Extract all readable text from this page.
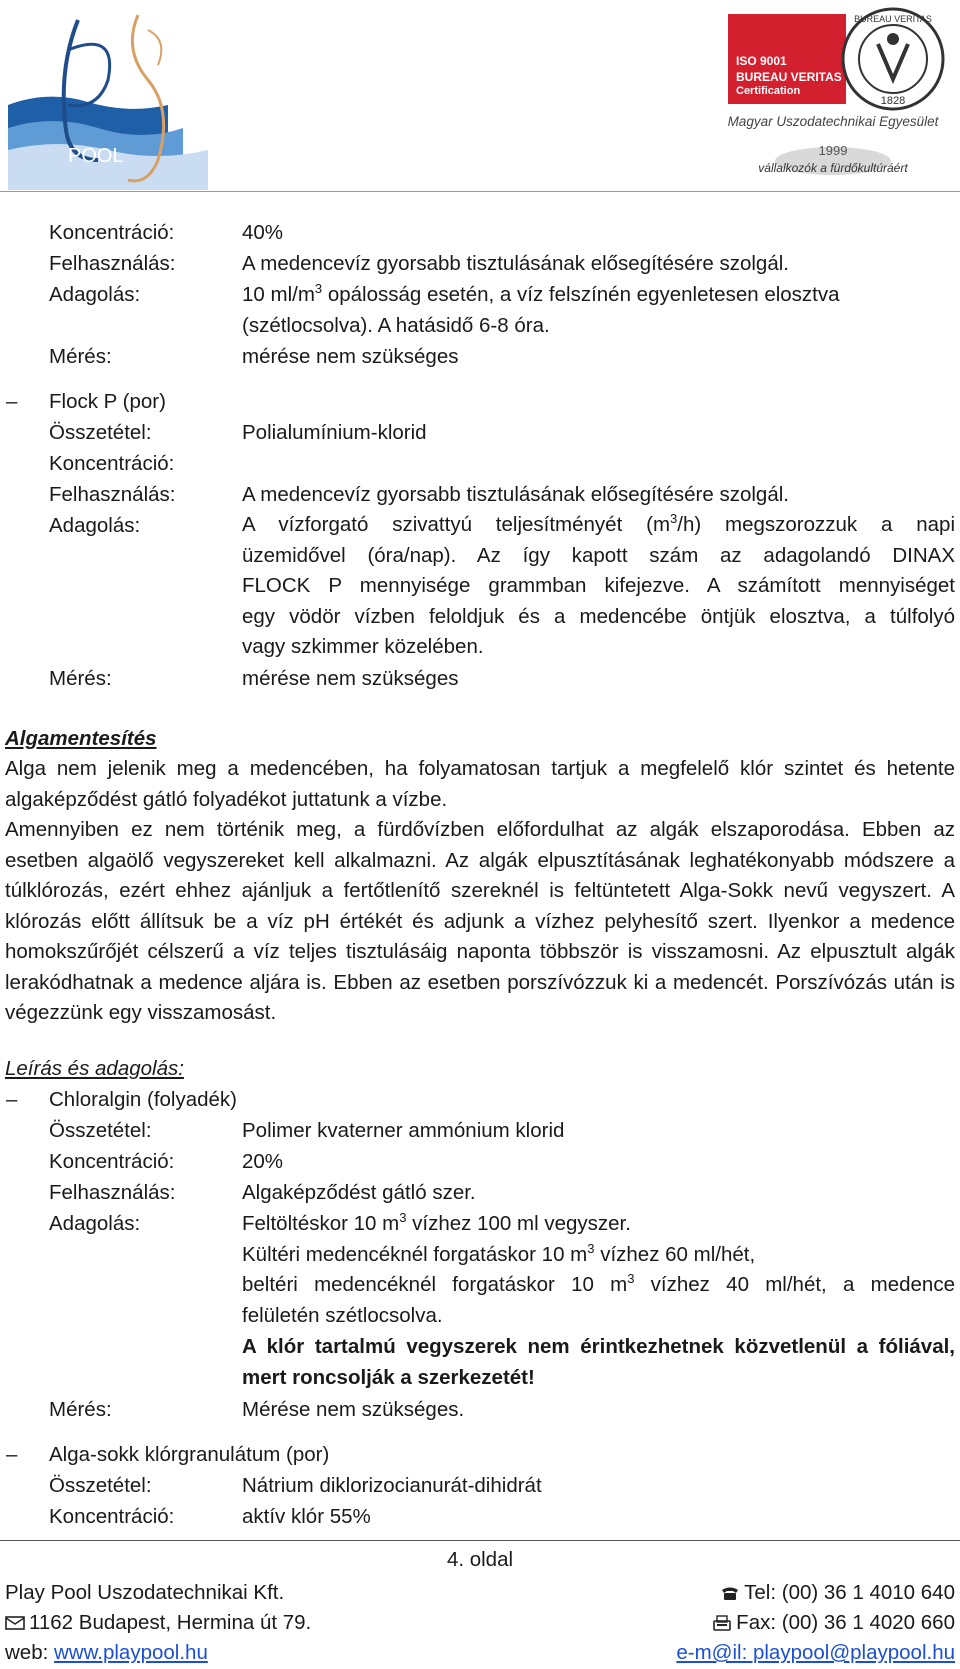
POOL
ISO 9001
BUREAU VERITAS
Certification
1828
BUREAU VERITAS
Magyar Uszodatechnikai Egyesület
1999
vállalkozók a fürdőkultúráért
Koncentráció:	40%
Felhasználás:	A medencevíz gyorsabb tisztulásának elősegítésére szolgál.
Adagolás:	10 $ml/m^3$ opálosság esetén, a víz felszínén egyenletesen elosztva
(szétlocsolva). A hatásidő 6-8 óra.
Mérés:	mérése nem szükséges
– Flock P (por)
Összetétel:	Polialumínium-klorid
Koncentráció:
Felhasználás:	A medencevíz gyorsabb tisztulásának elősegítésére szolgál.
Adagolás:	A vízforgató szivattyú teljesítményét $(m^3/h)$ megszorozzuk a napi

üzemidővel (óra/nap). Az így kapott szám az adagolandó DINAX

FLOCK P mennyisége grammban kifejezve. A számított mennyiséget

egy vödör vízben feloldjuk és a medencébe öntjük elosztva, a túlfolyó

vagy szkimmer közelében.

Mérés:	mérése nem szükséges
Algamentesítés
Alga nem jelenik meg a medencében, ha folyamatosan tartjuk a megfelelő klór szintet és hetente algaképződést gátló folyadékot juttatunk a vízbe.
Amennyiben ez nem történik meg, a fürdővízben előfordulhat az algák elszaporodása. Ebben az esetben algaölő vegyszereket kell alkalmazni. Az algák elpusztításának leghatékonyabb módszere a túlklórozás, ezért ehhez ajánljuk a fertőtlenítő szereknél is feltüntetett Alga-Sokk nevű vegyszert. A klórozás előtt állítsuk be a víz pH értékét és adjunk a vízhez pelyhesítő szert. Ilyenkor a medence homokszűrőjét célszerű a víz teljes tisztulásáig naponta többször is visszamosni. Az elpusztult algák lerakódhatnak a medence aljára is. Ebben az esetben porszívózzuk ki a medencét. Porszívózás után is végezzünk egy visszamosást.
Leírás és adagolás:
– Chloralgin (folyadék)
Összetétel:	Polimer kvaterner ammónium klorid
Koncentráció:	20%
Felhasználás:	Algaképződést gátló szer.
Adagolás:	Feltöltéskor 10 $m^3$ vízhez 100 ml vegyszer.
Kültéri medencéknél forgatáskor 10 $m^3$ vízhez 60 ml/hét,

beltéri medencéknél forgatáskor 10 $m^3$ vízhez 40 ml/hét, a medence

felületén szétlocsolva.

A klór tartalmú vegyszerek nem érintkezhetnek közvetlenül a fóliával, mert roncsolják a szerkezetét!
Mérés:	Mérése nem szükséges.
– Alga-sokk klórgranulátum (por)
Összetétel:	Nátrium diklorizocianurát-dihidrát
Koncentráció:	aktív klór 55%
4. oldal
Play Pool Uszodatechnikai Kft.
1162 Budapest, Hermina út 79.
web: www.playpool.hu
Tel: (00) 36 1 4010 640
Fax: (00) 36 1 4020 660
e-m@il: playpool@playpool.hu
